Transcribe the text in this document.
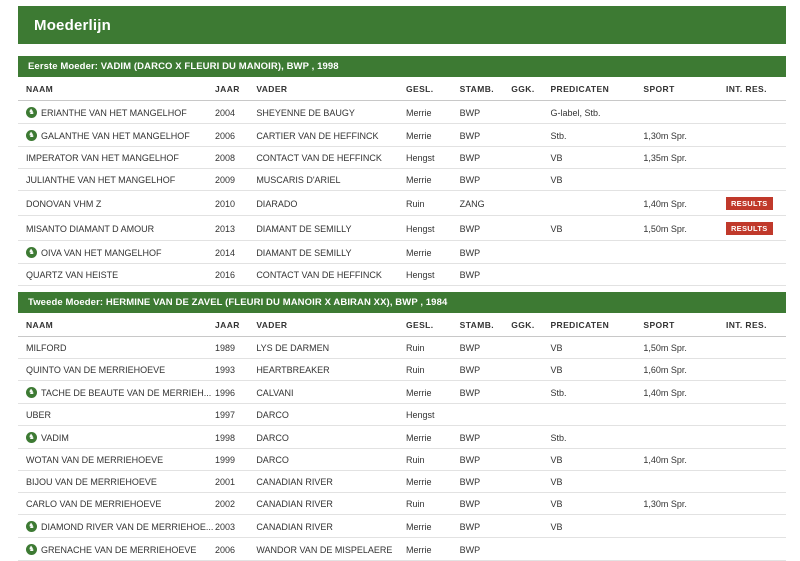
Moederlijn
Eerste Moeder: VADIM (DARCO X FLEURI DU MANOIR), BWP , 1998
NAAM	JAAR	VADER	GESL.	STAMB.	GGK.	PREDICATEN	SPORT	INT. RES.

♞ ERIANTHE VAN HET MANGELHOF	2004	SHEYENNE DE BAUGY	Merrie	BWP		G-label, Stb.		

♞ GALANTHE VAN HET MANGELHOF	2006	CARTIER VAN DE HEFFINCK	Merrie	BWP		Stb.	1,30m Spr.	

IMPERATOR VAN HET MANGELHOF	2008	CONTACT VAN DE HEFFINCK	Hengst	BWP		VB	1,35m Spr.	

JULIANTHE VAN HET MANGELHOF	2009	MUSCARIS D'ARIEL	Merrie	BWP		VB		

DONOVAN VHM Z	2010	DIARADO	Ruin	ZANG			1,40m Spr.	RESULTS

MISANTO DIAMANT D AMOUR	2013	DIAMANT DE SEMILLY	Hengst	BWP		VB	1,50m Spr.	RESULTS

♞ OIVA VAN HET MANGELHOF	2014	DIAMANT DE SEMILLY	Merrie	BWP				

QUARTZ VAN HEISTE	2016	CONTACT VAN DE HEFFINCK	Hengst	BWP				
Tweede Moeder: HERMINE VAN DE ZAVEL (FLEURI DU MANOIR X ABIRAN XX), BWP , 1984
NAAM	JAAR	VADER	GESL.	STAMB.	GGK.	PREDICATEN	SPORT	INT. RES.

MILFORD	1989	LYS DE DARMEN	Ruin	BWP		VB	1,50m Spr.	

QUINTO VAN DE MERRIEHOEVE	1993	HEARTBREAKER	Ruin	BWP		VB	1,60m Spr.	

♞ TACHE DE BEAUTE VAN DE MERRIEH...	1996	CALVANI	Merrie	BWP		Stb.	1,40m Spr.	

UBER	1997	DARCO	Hengst					

♞ VADIM	1998	DARCO	Merrie	BWP		Stb.		

WOTAN VAN DE MERRIEHOEVE	1999	DARCO	Ruin	BWP		VB	1,40m Spr.	

BIJOU VAN DE MERRIEHOEVE	2001	CANADIAN RIVER	Merrie	BWP		VB		

CARLO VAN DE MERRIEHOEVE	2002	CANADIAN RIVER	Ruin	BWP		VB	1,30m Spr.	

♞ DIAMOND RIVER VAN DE MERRIEHOE...	2003	CANADIAN RIVER	Merrie	BWP		VB		

♞ GRENACHE VAN DE MERRIEHOEVE	2006	WANDOR VAN DE MISPELAERE	Merrie	BWP				
